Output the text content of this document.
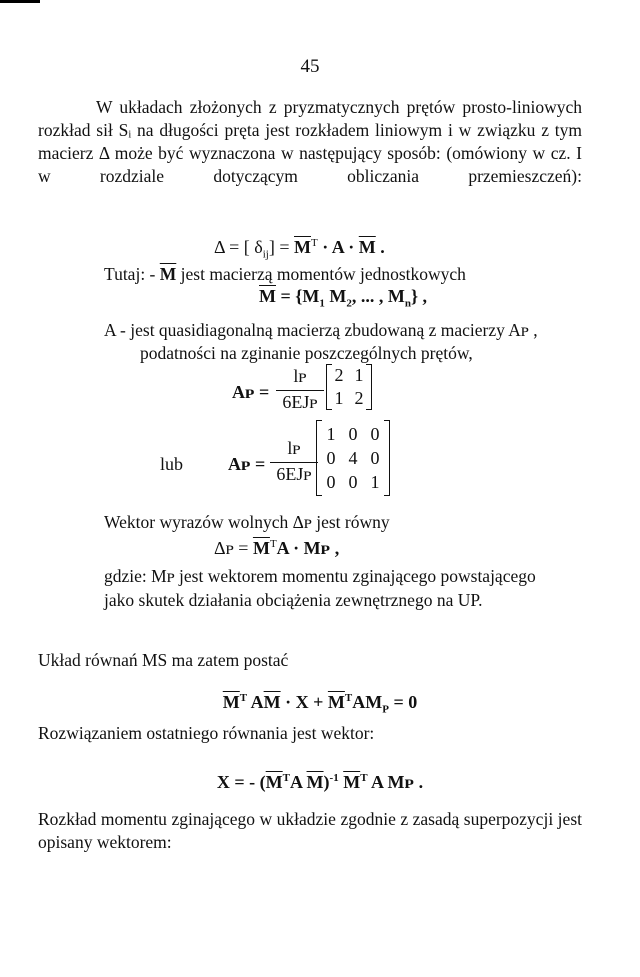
45
W układach złożonych z pryzmatycznych prętów prosto-liniowych rozkład sił Sᵢ na długości pręta jest rozkładem liniowym i w związku z tym macierz Δ może być wyznaczona w następujący sposób: (omówiony w cz. I w rozdziale dotyczącym obliczania przemieszczeń):
Δ = [ $\delta_{ij}] = \overline{M}^T \cdot A \cdot \overline{M}$ .
Tutaj: - $\overline{M}$ jest macierzą momentów jednostkowych
$\overline{M} = \{M_1$ $M_2$, ... , $M_n$} ,
A - jest quasidiagonalną macierzą zbudowaną z macierzy Aᴘ ,
podatności na zginanie poszczególnych prętów,
Aᴘ =
lᴘ
6EJᴘ
2 1
1 2
lub Aᴘ =
lᴘ
6EJᴘ
1 0 0
0 4 0
0 0 1
Wektor wyrazów wolnych Δᴘ jest równy
Δᴘ = $\overline{M}^TA$ · Mᴘ ,
gdzie: Mᴘ jest wektorem momentu zginającego powstającego
jako skutek działania obciążenia zewnętrznego na UP.
Układ równań MS ma zatem postać
$\overline{M}^T$ $A\overline{M} \cdot X + \overline{M}^TAM_P = 0$
Rozwiązaniem ostatniego równania jest wektor:
X = - ($\overline{M}^TA$ $\overline{M})^{-1}$ $\overline{M}^T$ A Mᴘ .
Rozkład momentu zginającego w układzie zgodnie z zasadą superpozycji jest opisany wektorem:
